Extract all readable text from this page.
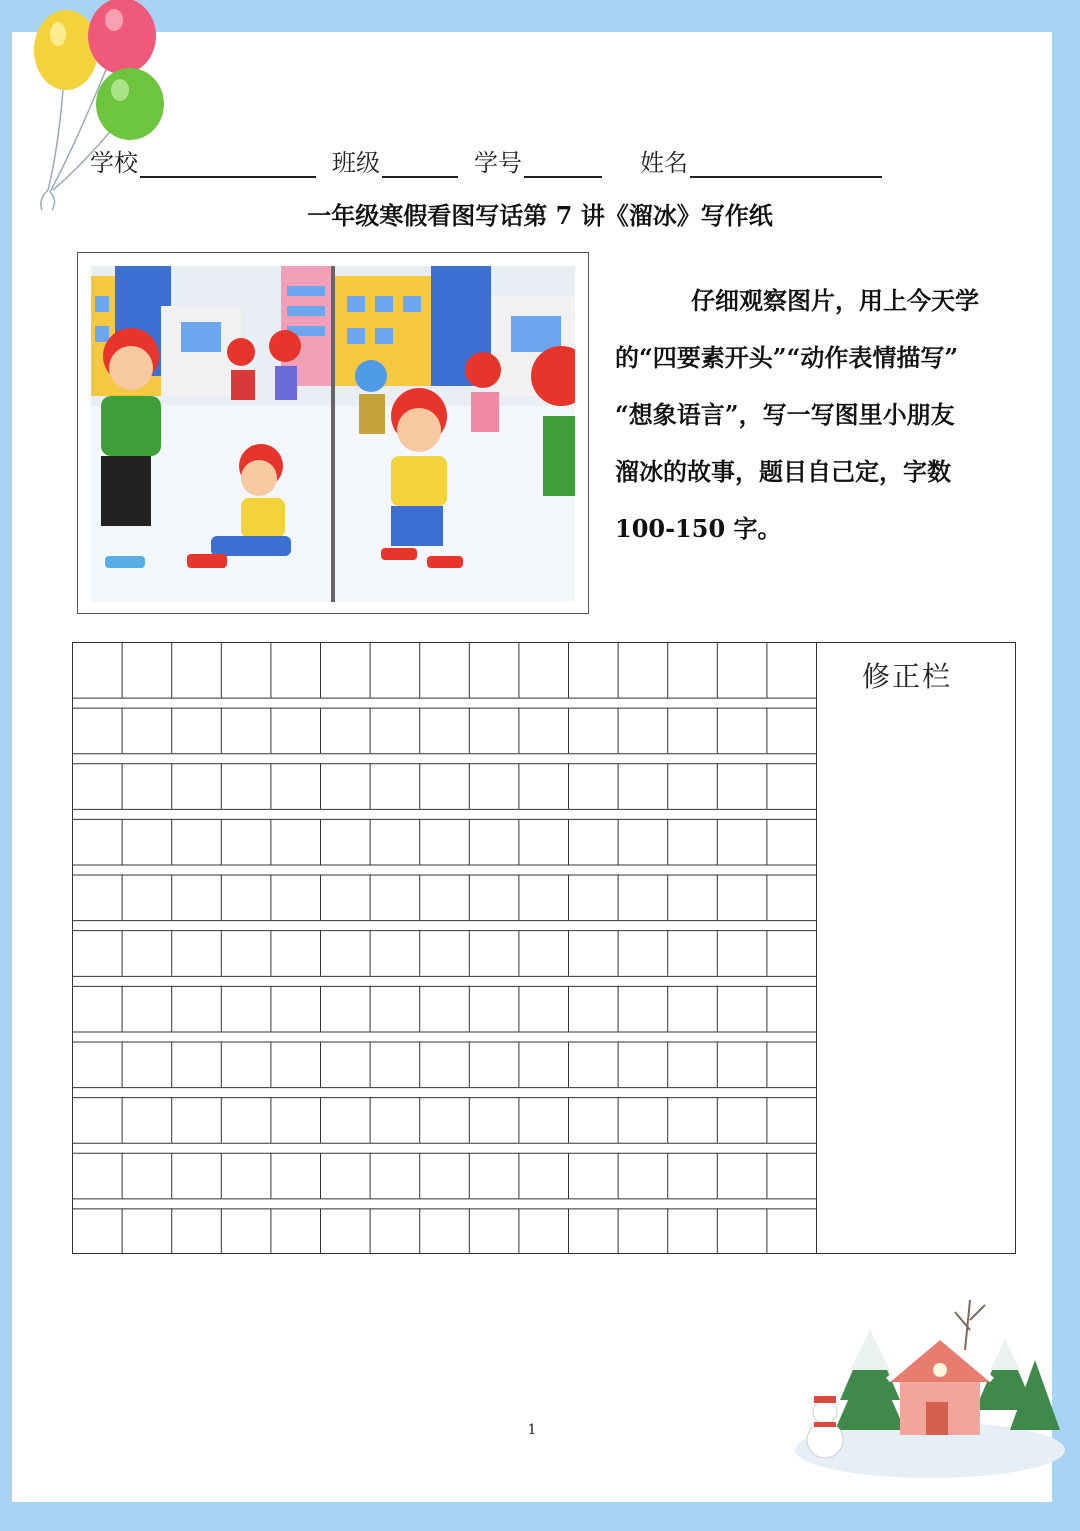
学校	班级	学号	姓名
一年级寒假看图写话第 7 讲《溜冰》写作纸
仔细观察图片，用上今天学
的“四要素开头”“动作表情描写”
“想象语言”，写一写图里小朋友
溜冰的故事，题目自己定，字数
100-150 字。
修正栏
1
